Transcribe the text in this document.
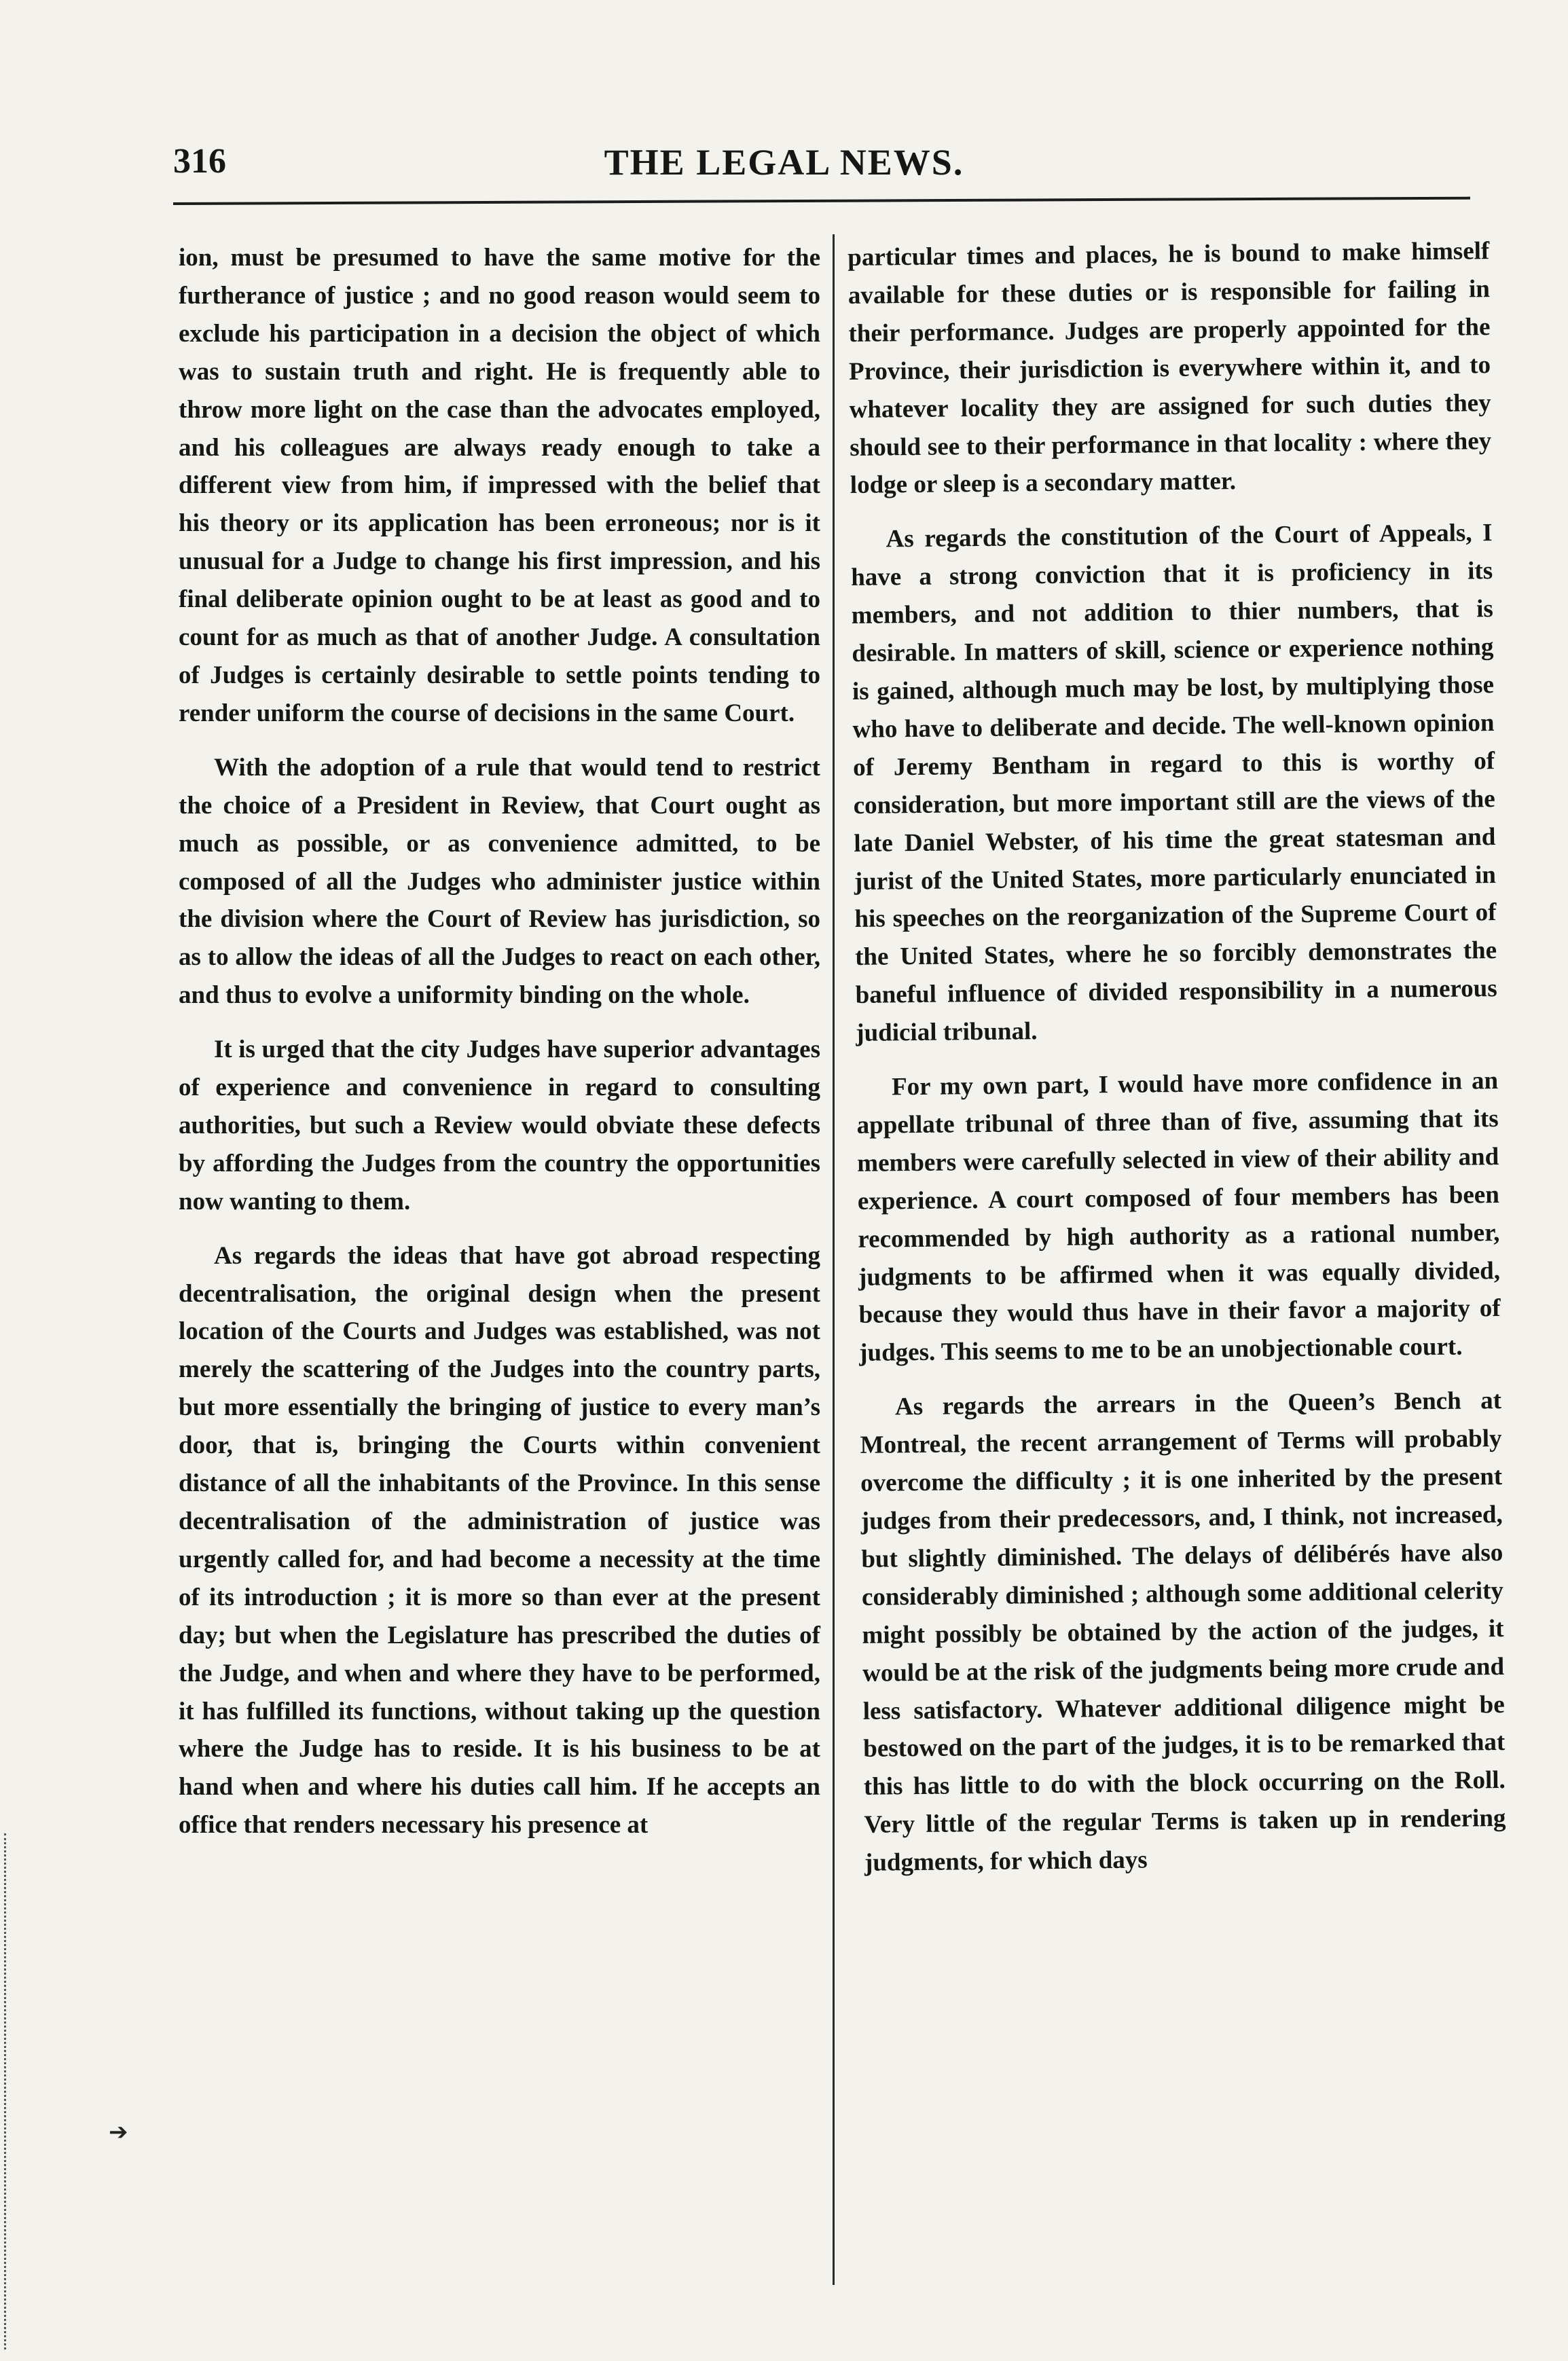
316	THE LEGAL NEWS.

ion, must be presumed to have the same motive for the furtherance of justice ; and no good reason would seem to exclude his participation in a decision the object of which was to sustain truth and right. He is frequently able to throw more light on the case than the advocates employed, and his colleagues are always ready enough to take a different view from him, if impressed with the belief that his theory or its application has been erroneous; nor is it unusual for a Judge to change his first impression, and his final deliberate opinion ought to be at least as good and to count for as much as that of another Judge. A consultation of Judges is certainly desirable to settle points tending to render uniform the course of decisions in the same Court.

With the adoption of a rule that would tend to restrict the choice of a President in Review, that Court ought as much as possible, or as convenience admitted, to be composed of all the Judges who administer justice within the division where the Court of Review has jurisdiction, so as to allow the ideas of all the Judges to react on each other, and thus to evolve a uniformity binding on the whole.

It is urged that the city Judges have superior advantages of experience and convenience in regard to consulting authorities, but such a Review would obviate these defects by affording the Judges from the country the opportunities now wanting to them.

As regards the ideas that have got abroad respecting decentralisation, the original design when the present location of the Courts and Judges was established, was not merely the scattering of the Judges into the country parts, but more essentially the bringing of justice to every man’s door, that is, bringing the Courts within convenient distance of all the inhabitants of the Province. In this sense decentralisation of the administration of justice was urgently called for, and had become a necessity at the time of its introduction ; it is more so than ever at the present day; but when the Legislature has prescribed the duties of the Judge, and when and where they have to be performed, it has fulfilled its functions, without taking up the question where the Judge has to reside. It is his business to be at hand when and where his duties call him. If he accepts an office that renders necessary his presence at

particular times and places, he is bound to make himself available for these duties or is responsible for failing in their performance. Judges are properly appointed for the Province, their jurisdiction is everywhere within it, and to whatever locality they are assigned for such duties they should see to their performance in that locality : where they lodge or sleep is a secondary matter.

As regards the constitution of the Court of Appeals, I have a strong conviction that it is proficiency in its members, and not addition to thier numbers, that is desirable. In matters of skill, science or experience nothing is gained, although much may be lost, by multiplying those who have to deliberate and decide. The well-known opinion of Jeremy Bentham in regard to this is worthy of consideration, but more important still are the views of the late Daniel Webster, of his time the great statesman and jurist of the United States, more particularly enunciated in his speeches on the reorganization of the Supreme Court of the United States, where he so forcibly demonstrates the baneful influence of divided responsibility in a numerous judicial tribunal.

For my own part, I would have more confidence in an appellate tribunal of three than of five, assuming that its members were carefully selected in view of their ability and experience. A court composed of four members has been recommended by high authority as a rational number, judgments to be affirmed when it was equally divided, because they would thus have in their favor a majority of judges. This seems to me to be an unobjectionable court.

As regards the arrears in the Queen’s Bench at Montreal, the recent arrangement of Terms will probably overcome the difficulty ; it is one inherited by the present judges from their predecessors, and, I think, not increased, but slightly diminished. The delays of délibérés have also considerably diminished ; although some additional celerity might possibly be obtained by the action of the judges, it would be at the risk of the judgments being more crude and less satisfactory. Whatever additional diligence might be bestowed on the part of the judges, it is to be remarked that this has little to do with the block occurring on the Roll. Very little of the regular Terms is taken up in rendering judgments, for which days

➔
